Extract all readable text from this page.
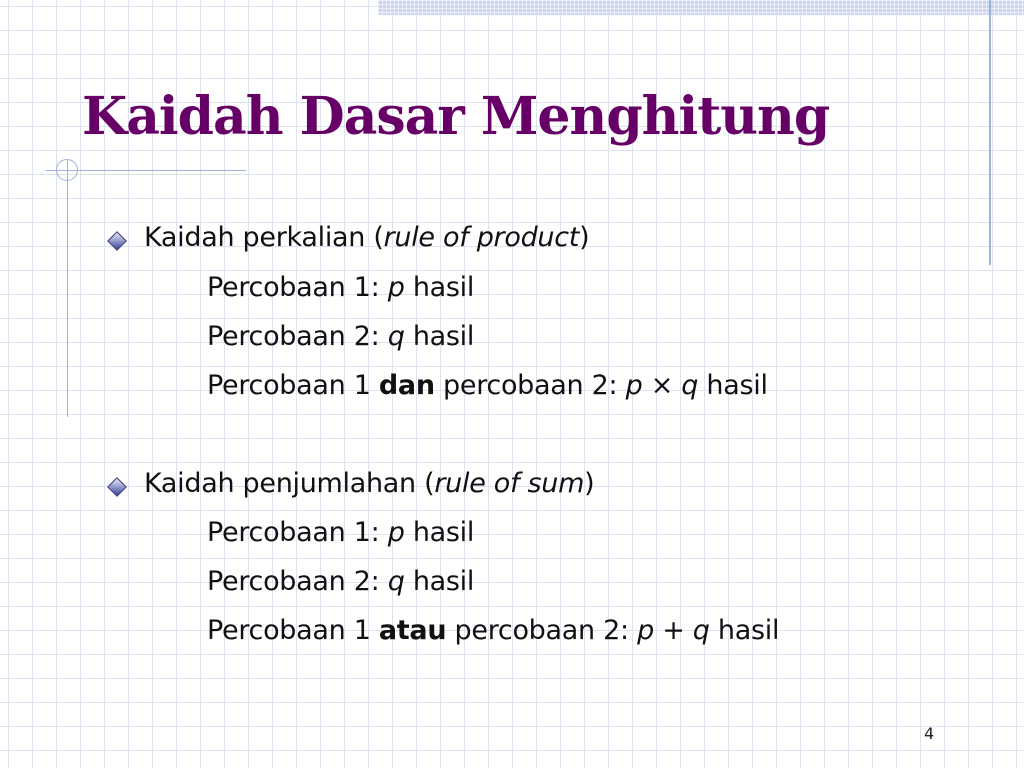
Kaidah Dasar Menghitung
Kaidah perkalian (rule of product)
Percobaan 1: p hasil
Percobaan 2: q hasil
Percobaan 1 dan percobaan 2: p × q hasil
Kaidah penjumlahan (rule of sum)
Percobaan 1: p hasil
Percobaan 2: q hasil
Percobaan 1 atau percobaan 2: p + q hasil
4
